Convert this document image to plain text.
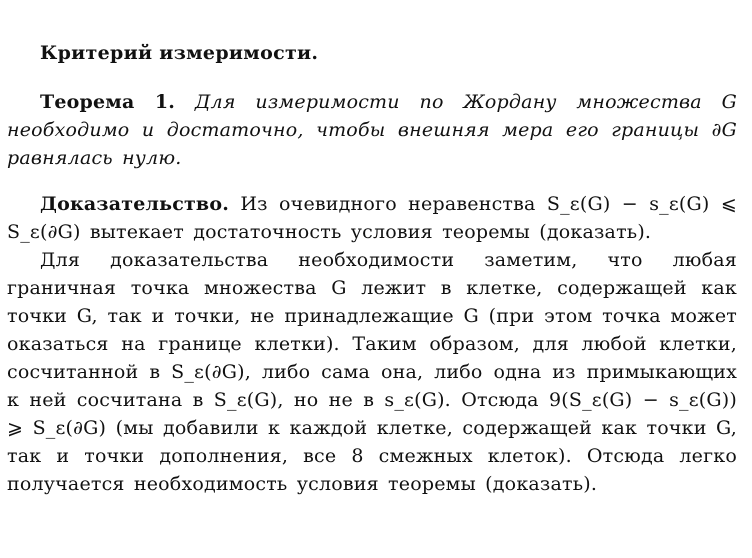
Критерий измеримости.

Теорема 1. Для измеримости по Жордану множества G необходимо и достаточно, чтобы внешняя мера его границы ∂G равнялась нулю.

Доказательство. Из очевидного неравенства S_ε(G) − s_ε(G) ⩽ S_ε(∂G) вытекает достаточность условия теоремы (доказать).

Для доказательства необходимости заметим, что любая граничная точка множества G лежит в клетке, содержащей как точки G, так и точки, не принадлежащие G (при этом точка может оказаться на границе клетки). Таким образом, для любой клетки, сосчитанной в S_ε(∂G), либо сама она, либо одна из примыкающих к ней сосчитана в S_ε(G), но не в s_ε(G). Отсюда 9(S_ε(G) − s_ε(G)) ⩾ S_ε(∂G) (мы добавили к каждой клетке, содержащей как точки G, так и точки дополнения, все 8 смежных клеток). Отсюда легко получается необходимость условия теоремы (доказать).
